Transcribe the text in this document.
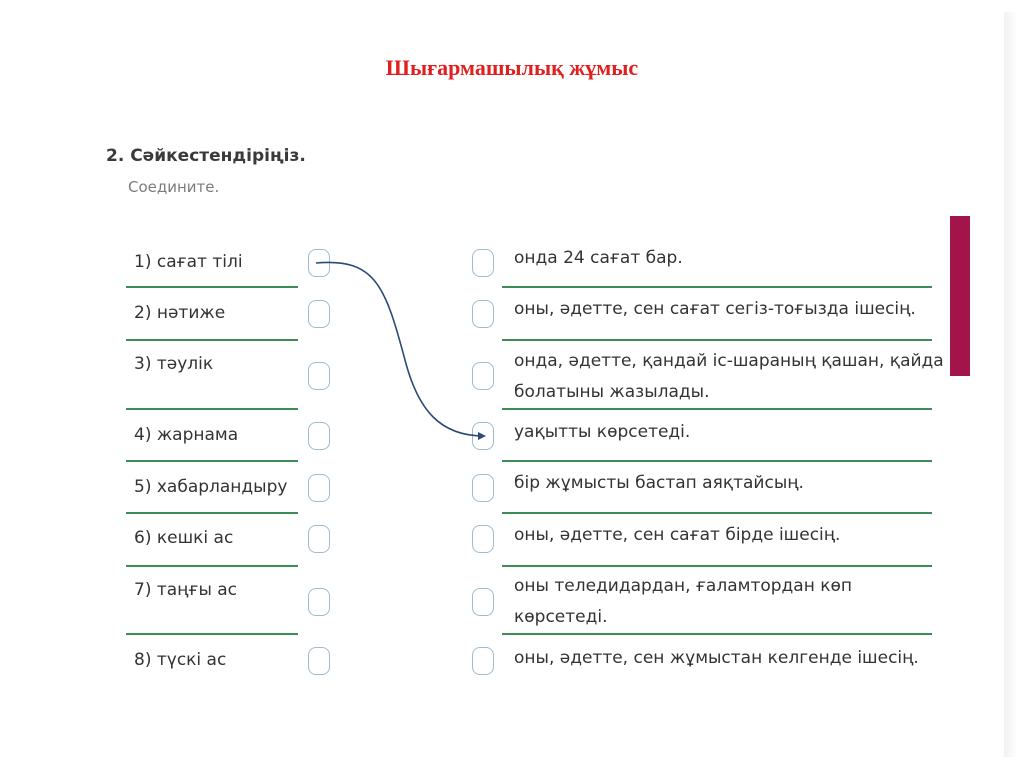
Шығармашылық жұмыс

2. Сәйкестендіріңіз.

Соедините.

1) сағат тілі
2) нәтиже
3) тәулік
4) жарнама
5) хабарландыру
6) кешкі ас
7) таңғы ас
8) түскі ас
онда 24 сағат бар.
оны, әдетте, сен сағат сегіз-тоғызда ішесің.
онда, әдетте, қандай іс-шараның қашан, қайда
болатыны жазылады.
уақытты көрсетеді.
бір жұмысты бастап аяқтайсың.
оны, әдетте, сен сағат бірде ішесің.
оны теледидардан, ғаламтордан көп
көрсетеді.
оны, әдетте, сен жұмыстан келгенде ішесің.
